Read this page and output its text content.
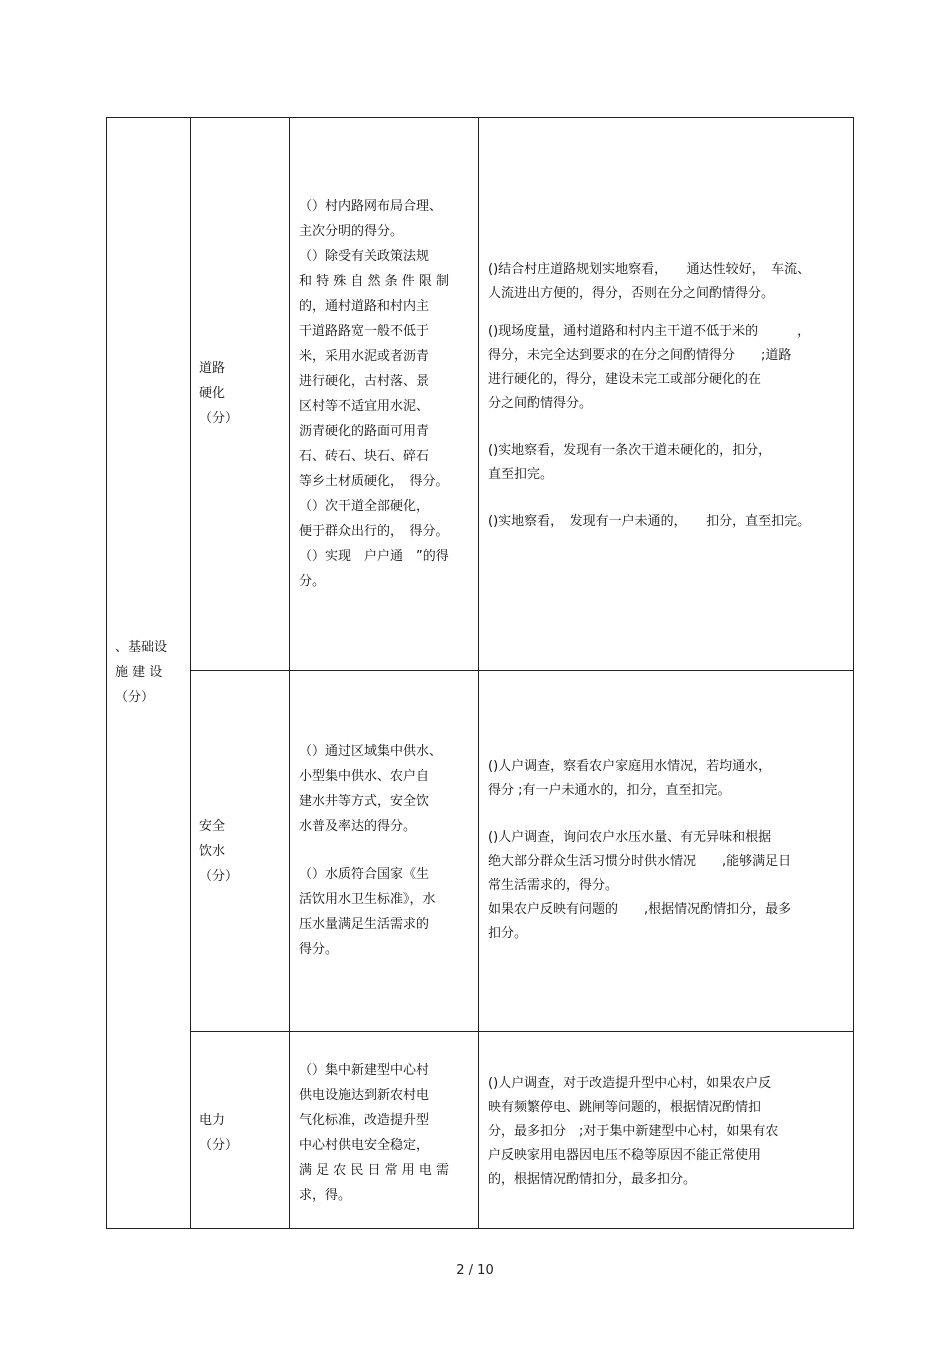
、基础设

施 建 设

（分）

道路

硬化

（分）

（）村内路网布局合理、

主次分明的得分。

（）除受有关政策法规

和 特 殊 自 然 条 件 限 制

的，通村道路和村内主

干道路路宽一般不低于

米，采用水泥或者沥青

进行硬化，古村落、景

区村等不适宜用水泥、

沥青硬化的路面可用青

石、砖石、块石、碎石

等乡土材质硬化，　得分。

（）次干道全部硬化，

便于群众出行的，　得分。

（）实现　户户通　”的得

分。

()结合村庄道路规划实地察看，　　通达性较好，　车流、

人流进出方便的，得分，否则在分之间酌情得分。

()现场度量，通村道路和村内主干道不低于米的　　　，

得分，未完全达到要求的在分之间酌情得分　　;道路

进行硬化的，得分，建设未完工或部分硬化的在

分之间酌情得分。

()实地察看，发现有一条次干道未硬化的，扣分，

直至扣完。

()实地察看，　发现有一户未通的，　　扣分，直至扣完。

安全

饮水

（分）

（）通过区域集中供水、

小型集中供水、农户自

建水井等方式，安全饮

水普及率达的得分。

（）水质符合国家《生

活饮用水卫生标准》，水

压水量满足生活需求的

得分。

()人户调查，察看农户家庭用水情况，若均通水，

得分 ;有一户未通水的，扣分，直至扣完。

()人户调查，询问农户水压水量、有无异味和根据

绝大部分群众生活习惯分时供水情况　　,能够满足日

常生活需求的，得分。

如果农户反映有问题的　　,根据情况酌情扣分，最多

扣分。

电力

（分）

（）集中新建型中心村

供电设施达到新农村电

气化标准，改造提升型

中心村供电安全稳定，

满 足 农 民 日 常 用 电 需

求，得。

()人户调查，对于改造提升型中心村，如果农户反

映有频繁停电、跳闸等问题的，根据情况酌情扣

分，最多扣分　;对于集中新建型中心村，如果有农

户反映家用电器因电压不稳等原因不能正常使用

的，根据情况酌情扣分，最多扣分。

2 / 10
